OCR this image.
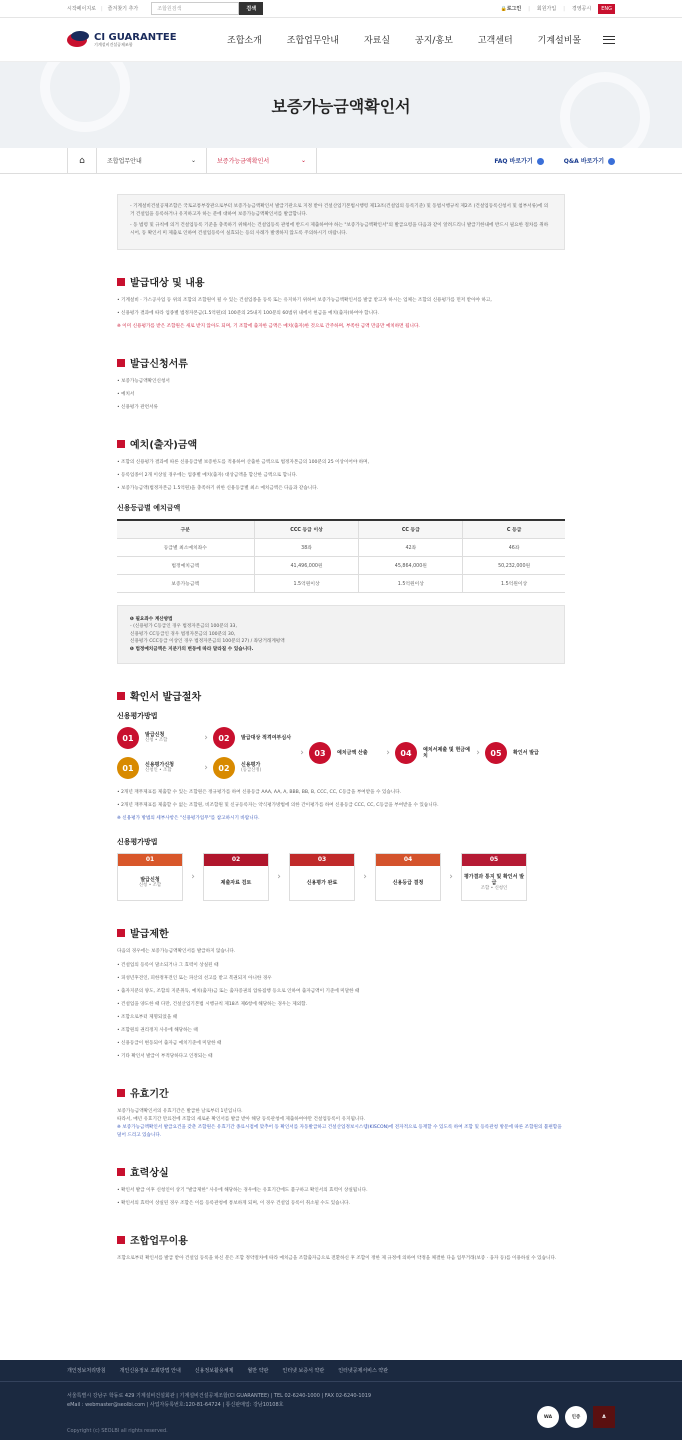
시작페이지로 | 즐겨찾기 추가	조합원검색	검색	🔒로그인 | 회원가입 | 경영공시	ENG
CI GUARANTEE
기계설비건설공제조합	조합소개	조합업무안내	자료실	공지/홍보	고객센터	기계설비몰
보증가능금액확인서
⌂	조합업무안내	⌄	보증가능금액확인서	⌄	FAQ 바로가기	Q&A 바로가기

- 기계설비건설공제조합은 국토교통부장관으로부터 보증가능금액확인서 발급기관으로 지정 받아 건설산업기본법시행령 제13조(건설업의 등록기준) 및 동법시행규칙 제2조 (건설업등록신청서 및 첨부서류)에 의거 건설업을 등록하거나 유지하고자 하는 분에 대하여 보증가능금액확인서를 발급합니다.

- 동 법령 및 규칙에 의거 건설업등록 기준을 충족하기 위해서는 건설업등록 관청에 반드시 제출하여야 하는 "보증가능금액확인서"의 발급요령을 다음과 같이 알려드리니 발급기한내에 반드시 필요한 절차를 취하시어, 동 확인서 미 제출로 인하여 건설업등록이 실효되는 등의 사례가 발생하지 않도록 주의하시기 바랍니다.

발급대상 및 내용
• 기계설비 · 가스공사업 등 위의 조합의 조합원이 될 수 있는 건설업종을 등록 또는 유지하기 위하여 보증가능금액확인서를 발급 받고자 하시는 업체는 조합의 신용평가를 먼저 받아야 하고,
• 신용평가 결과에 따라 업종별 법정자본금(1.5억원)의 100분의 25내지 100분의 60범위 내에서 현금을 예치(출자)하여야 합니다.

※ 이미 신용평가를 받은 조합원은 새로 받지 않아도 되며, 기 조합에 출자한 금액은 예치(출자)한 것으로 간주하며, 부족한 금액 만큼만 예치하면 됩니다.

발급신청서류
• 보증가능금액확인신청서
• 예치서
• 신용평가 관련서류
예치(출자)금액
• 조합의 신용평가 결과에 따른 신용등급별 보증한도를 적용하여 산출한 금액으로 법정자본금의 100분의 25 이상이어야 하며,
• 등록업종이 2개 이상일 경우에는 업종별 예치(출자) 대상금액을 합산한 금액으로 합니다.
• 보증가능금액(법정자본금 1.5억원)을 충족하기 위한 신용등급별 최소 예치금액은 다음과 같습니다.
신용등급별 예치금액
구분	CCC 등급 이상	CC 등급	C 등급
등급별 최소예치좌수	38좌	42좌	46좌
법정예치금액	41,496,000원	45,864,000원	50,232,000원
보증가능금액	1.5억원이상	1.5억원이상	1.5억원이상
❶ 필요좌수 계산방법
- (신용평가 C등급인 경우 법정자본금의 100분의 33,
신용평가 CC등급인 경우 법정자본금의 100분의 30,
신용평가 CCC등급 이상인 경우 법정자본금의 100분의 27) / 좌당거래계평액
❶ 법정예치금액은 지분가의 변동에 따라 달라질 수 있습니다.
확인서 발급절차
신용평가방법
01	발급신청
신청 • 조합	›	02	발급대상 적격여부심사
01	신용평가신청
신청인 • 조합	›	02	신용평가
(등급산정)
›	03	예치금액 산출	›	04	예치서제출 및 현금예치	›	05	확인서 발급
• 2개년 재무제표를 제출할 수 있는 조합원은 정규평가를 하여 신용등급 AAA, AA, A, BBB, BB, B, CCC, CC, C등급을 부여받을 수 있습니다.
• 2개년 재무제표를 제출할 수 없는 조합원, 비조합원 및 신규등록자는 약식평가방법에 의한 간이평가를 하여 신용등급 CCC, CC, C등급을 부여받을 수 있습니다.

※ 신용평가 방법의 세부사항은 "신용평가업무"를 참고하시기 바랍니다.

신용평가방법
01
발급신청
신청 • 조합
›
02
제출자료 검토
›
03
신용평가 완료
›
04
신용등급 결정
›
05
평가결과 통지 및 확인서 발급
조합 • 신청인
발급제한

다음의 경우에는 보증가능금액확인서를 발급하지 않습니다.

• 건설업의 등록이 말소되거나 그 효력이 상실된 때
• 피성년후견인, 피한정후견인 또는 파산의 선고를 받고 복권되지 아니한 경우
• 출자지분의 양도, 조합의 지분취득, 예치(출자)금 또는 출자증권의 압류집행 등으로 인하여 출자금액이 기준에 미달한 때
• 건설업을 양도한 때 다만, 건설산업기본법 시행규칙 제18조 제6항에 해당하는 경우는 제외함.
• 조합으로부터 제명되었을 때
• 조합원의 권리정지 사유에 해당하는 때
• 신용등급이 변동되어 출자금 예치기준에 미달한 때
• 기타 확인서 발급이 부적당하다고 인정되는 때
유효기간

보증가능금액확인서의 유효기간은 발급한 날로부터 1년입니다.

따라서, 매년 유효기간 만료전에 조합의 새로운 확인서를 발급 받아 해당 등록관청에 제출하여야만 건설업등록이 유지됩니다.

※ 보증가능금액확인서 발급요건을 갖춘 조합원은 유효기간 종료시점에 맞추어 동 확인서를 자동발급하고 건설산업정보시스템(KISCON)에 전자적으로 등재할 수 있도록 하여 조합 및 등록관청 방문에 따른 조합원의 불편함을 덜어 드리고 있습니다.

효력상실
• 확인서 발급 이후 신청인이 상기 "발급제한" 사유에 해당하는 경우에는 유효기간에도 불구하고 확인서의 효력이 상실됩니다.
• 확인서의 효력이 상실된 경우 조합은 이를 등록관청에 통보하게 되며, 이 경우 건설업 등록이 취소될 수도 있습니다.
조합업무이용

조합으로부터 확인서를 발급 받아 건설업 등록을 하신 분은 조합 정약절차에 따라 예치금을 조합출자금으로 전환하신 후 조합이 정한 제 규정에 의하여 약정을 체결한 다음 업무거래(보증 · 융자 등)를 이용하실 수 있습니다.

개인정보처리방침	개인신용정보 조회방법 안내	신용정보활용체제	월반 약관	인터넷 보증서 약관	인터넷공제서비스 약관
서울특별시 강남구 학동로 429 기계설비건설회관 | 기계설비건설공제조합(CI GUARANTEE) | TEL 02-6240-1000 | FAX 02-6240-1019
eMail : webmaster@seolbi.com | 사업자등록번호:120-81-64724 | 통신판매업: 강남10108호
Copyright (c) SEOLBI all rights reserved.
WA	인증	A
